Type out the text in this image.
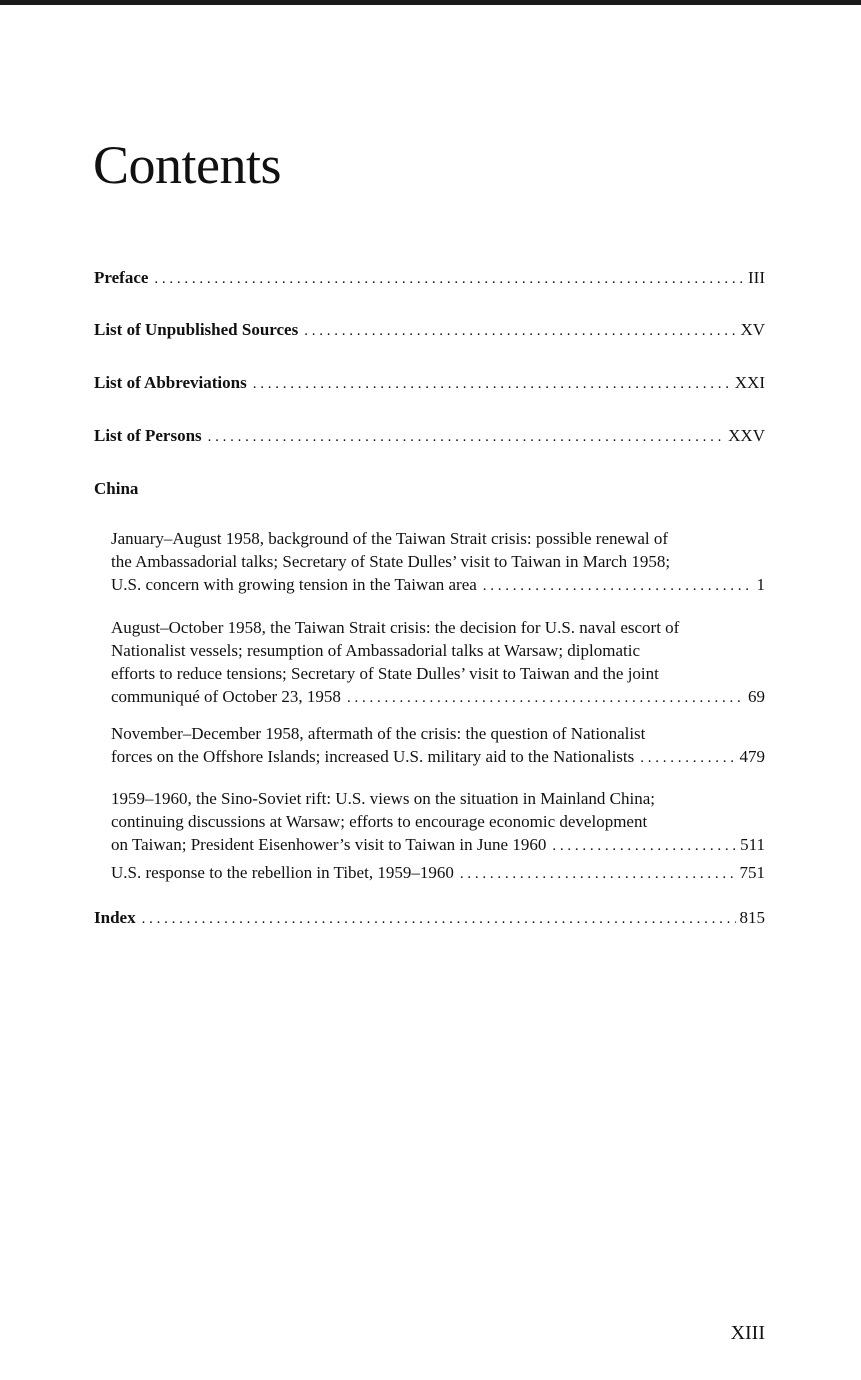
Contents
Preface . . .	III
List of Unpublished Sources . . .	XV
List of Abbreviations . . .	XXI
List of Persons . . .	XXV
China
January–August 1958, background of the Taiwan Strait crisis: possible renewal of
the Ambassadorial talks; Secretary of State Dulles’ visit to Taiwan in March 1958;
U.S. concern with growing tension in the Taiwan area . . .	1
August–October 1958, the Taiwan Strait crisis: the decision for U.S. naval escort of
Nationalist vessels; resumption of Ambassadorial talks at Warsaw; diplomatic
efforts to reduce tensions; Secretary of State Dulles’ visit to Taiwan and the joint
communiqué of October 23, 1958 . . .	69
November–December 1958, aftermath of the crisis: the question of Nationalist
forces on the Offshore Islands; increased U.S. military aid to the Nationalists . . .	479
1959–1960, the Sino-Soviet rift: U.S. views on the situation in Mainland China;
continuing discussions at Warsaw; efforts to encourage economic development
on Taiwan; President Eisenhower’s visit to Taiwan in June 1960 . . .	511
U.S. response to the rebellion in Tibet, 1959–1960 . . .	751
Index . . .	815
XIII
